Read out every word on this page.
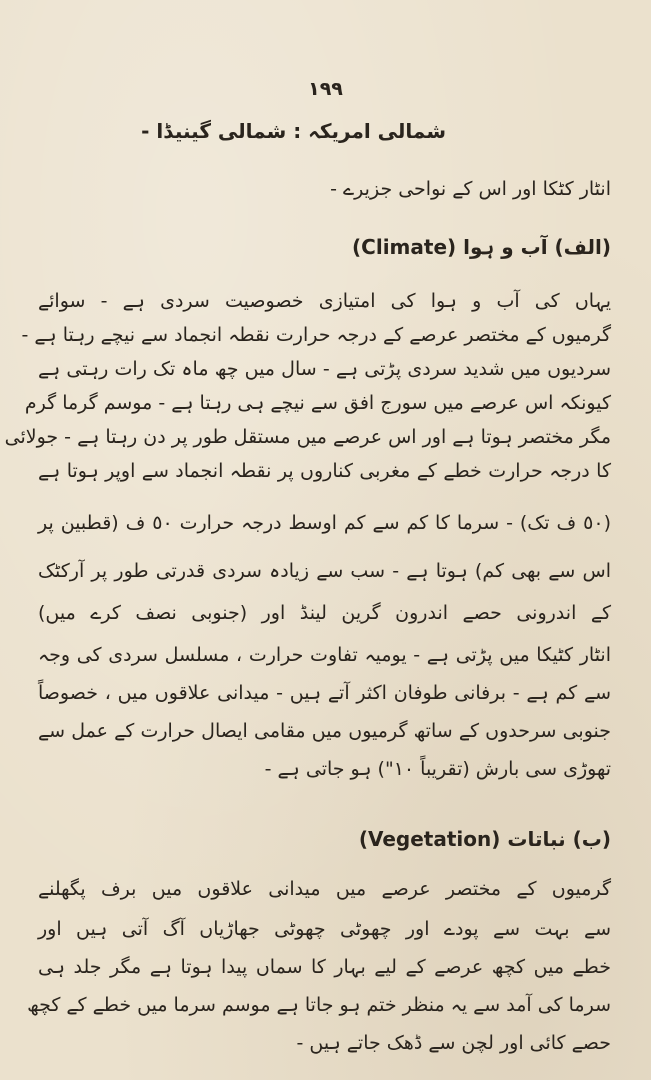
١٩٩
شمالی امریکہ : شمالی گینیڈا -
انٹار کٹکا اور اس کے نواحی جزیرے -
(الف) آب و ہوا (Climate)
یہاں کی آب و ہوا کی امتیازی خصوصیت سردی ہے - سوائے
گرمیوں کے مختصر عرصے کے درجہ حرارت نقطہ انجماد سے نیچے رہتا ہے -
سردیوں میں شدید سردی پڑتی ہے - سال میں چھ ماہ تک رات رہتی ہے
کیونکہ اس عرصے میں سورج افق سے نیچے ہی رہتا ہے - موسم گرما گرم
مگر مختصر ہوتا ہے اور اس عرصے میں مستقل طور پر دن رہتا ہے - جولائی
کا درجہ حرارت خطے کے مغربی کناروں پر نقطہ انجماد سے اوپر ہوتا ہے
(٥٠ ف تک) - سرما کا کم سے کم اوسط درجہ حرارت ٥٠ ف (قطبین پر
اس سے بھی کم) ہوتا ہے - سب سے زیادہ سردی قدرتی طور پر آرکٹک
کے اندرونی حصے اندرون گرین لینڈ اور (جنوبی نصف کرے میں)
انٹار کٹیکا میں پڑتی ہے - یومیہ تفاوت حرارت ، مسلسل سردی کی وجہ
سے کم ہے - برفانی طوفان اکثر آتے ہیں - میدانی علاقوں میں ، خصوصاً
جنوبی سرحدوں کے ساتھ گرمیوں میں مقامی ایصال حرارت کے عمل سے
تھوڑی سی بارش (تقریباً ١٠") ہو جاتی ہے -
(ب) نباتات (Vegetation)
گرمیوں کے مختصر عرصے میں میدانی علاقوں میں برف پگھلنے
سے بہت سے پودے اور چھوٹی چھوٹی جھاڑیاں آگ آتی ہیں اور
خطے میں کچھ عرصے کے لیے بہار کا سماں پیدا ہوتا ہے مگر جلد ہی
سرما کی آمد سے یہ منظر ختم ہو جاتا ہے موسم سرما میں خطے کے کچھ
حصے کائی اور لچن سے ڈھک جاتے ہیں -
